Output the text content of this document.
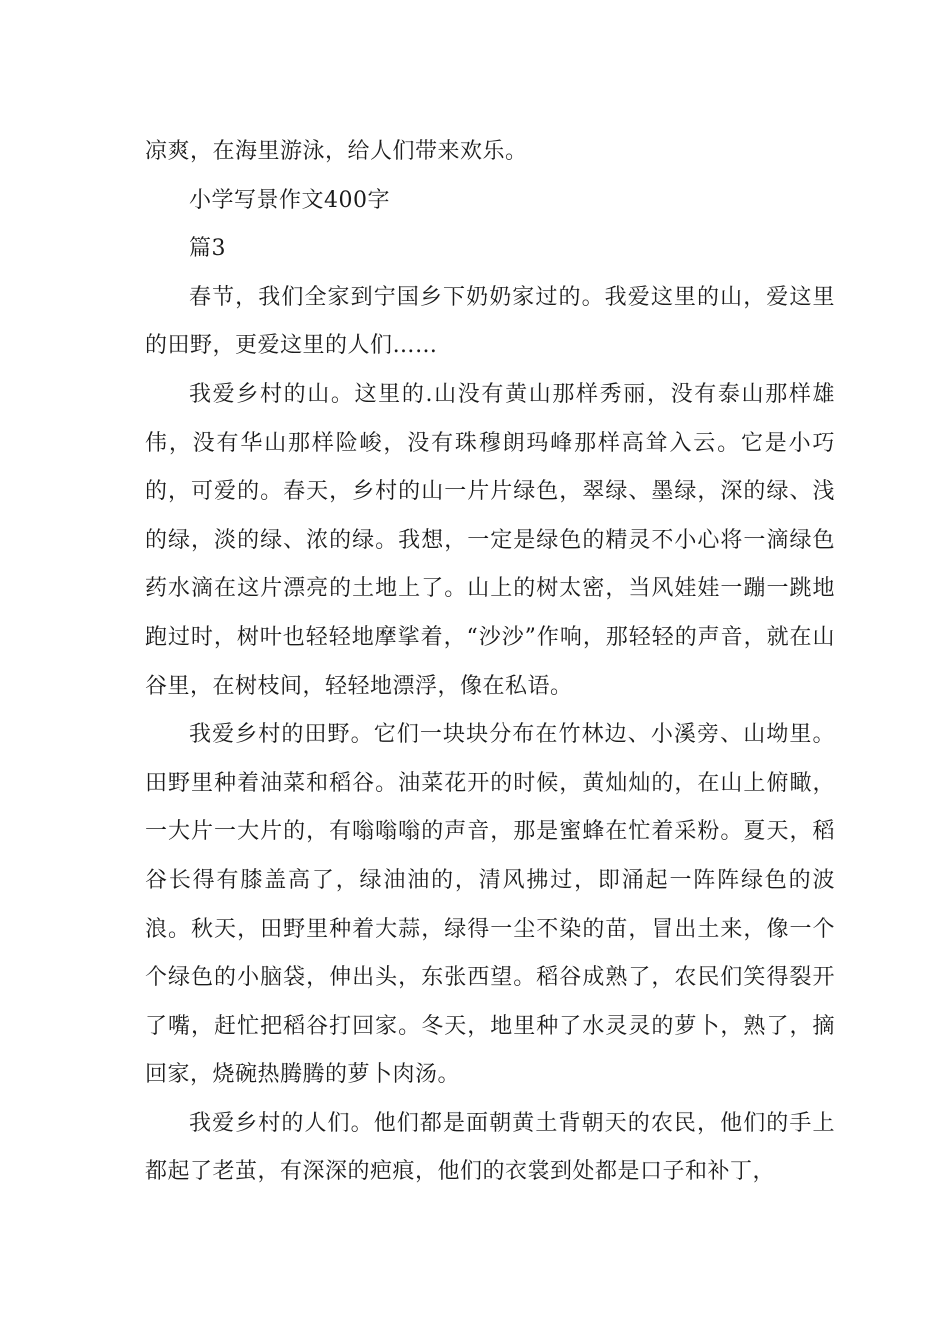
凉爽，在海里游泳，给人们带来欢乐。

小学写景作文400字

篇3

春节，我们全家到宁国乡下奶奶家过的。我爱这里的山，爱这里的田野，更爱这里的人们……

我爱乡村的山。这里的.山没有黄山那样秀丽，没有泰山那样雄伟，没有华山那样险峻，没有珠穆朗玛峰那样高耸入云。它是小巧的，可爱的。春天，乡村的山一片片绿色，翠绿、墨绿，深的绿、浅的绿，淡的绿、浓的绿。我想，一定是绿色的精灵不小心将一滴绿色药水滴在这片漂亮的土地上了。山上的树太密，当风娃娃一蹦一跳地跑过时，树叶也轻轻地摩挲着，“沙沙”作响，那轻轻的声音，就在山谷里，在树枝间，轻轻地漂浮，像在私语。

我爱乡村的田野。它们一块块分布在竹林边、小溪旁、山坳里。田野里种着油菜和稻谷。油菜花开的时候，黄灿灿的，在山上俯瞰，一大片一大片的，有嗡嗡嗡的声音，那是蜜蜂在忙着采粉。夏天，稻谷长得有膝盖高了，绿油油的，清风拂过，即涌起一阵阵绿色的波浪。秋天，田野里种着大蒜，绿得一尘不染的苗，冒出土来，像一个个绿色的小脑袋，伸出头，东张西望。稻谷成熟了，农民们笑得裂开了嘴，赶忙把稻谷打回家。冬天，地里种了水灵灵的萝卜，熟了，摘回家，烧碗热腾腾的萝卜肉汤。

我爱乡村的人们。他们都是面朝黄土背朝天的农民，他们的手上都起了老茧，有深深的疤痕，他们的衣裳到处都是口子和补丁，
